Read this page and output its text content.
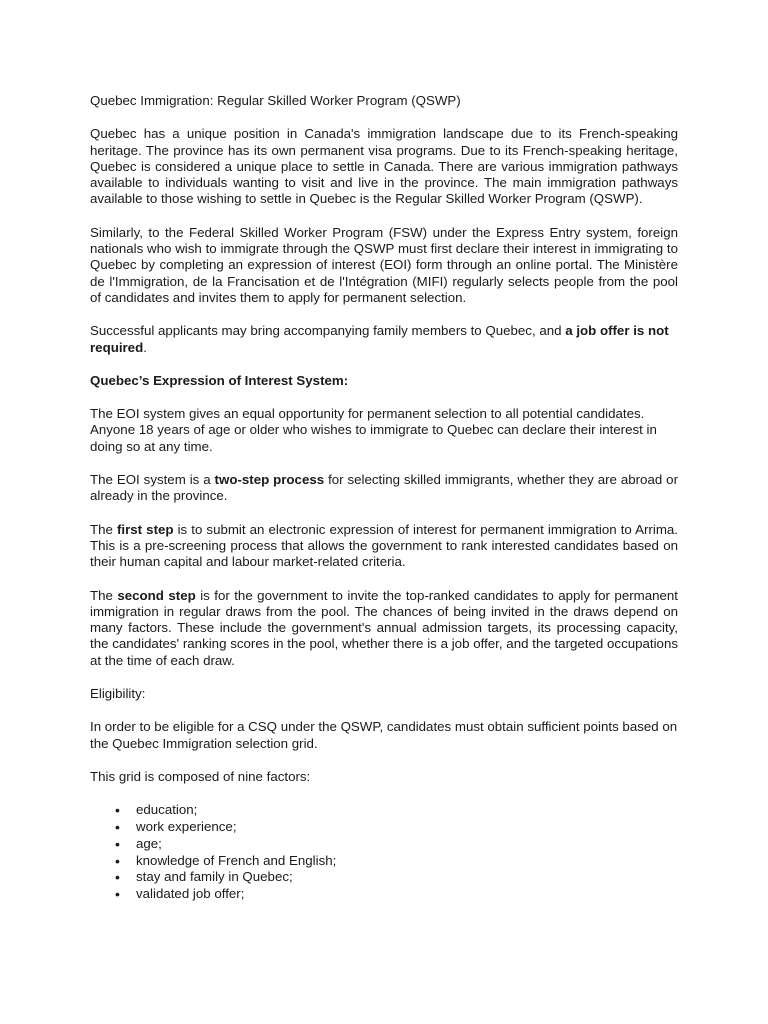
Quebec Immigration: Regular Skilled Worker Program (QSWP)

Quebec has a unique position in Canada's immigration landscape due to its French-speaking heritage. The province has its own permanent visa programs. Due to its French-speaking heritage, Quebec is considered a unique place to settle in Canada. There are various immigration pathways available to individuals wanting to visit and live in the province. The main immigration pathways available to those wishing to settle in Quebec is the Regular Skilled Worker Program (QSWP).

Similarly, to the Federal Skilled Worker Program (FSW) under the Express Entry system, foreign nationals who wish to immigrate through the QSWP must first declare their interest in immigrating to Quebec by completing an expression of interest (EOI) form through an online portal. The Ministère de l'Immigration, de la Francisation et de l'Intégration (MIFI) regularly selects people from the pool of candidates and invites them to apply for permanent selection.

Successful applicants may bring accompanying family members to Quebec, and a job offer is not required.

Quebec’s Expression of Interest System:

The EOI system gives an equal opportunity for permanent selection to all potential candidates. Anyone 18 years of age or older who wishes to immigrate to Quebec can declare their interest in doing so at any time.

The EOI system is a two-step process for selecting skilled immigrants, whether they are abroad or already in the province.

The first step is to submit an electronic expression of interest for permanent immigration to Arrima. This is a pre-screening process that allows the government to rank interested candidates based on their human capital and labour market-related criteria.

The second step is for the government to invite the top-ranked candidates to apply for permanent immigration in regular draws from the pool. The chances of being invited in the draws depend on many factors. These include the government's annual admission targets, its processing capacity, the candidates' ranking scores in the pool, whether there is a job offer, and the targeted occupations at the time of each draw.

Eligibility:

In order to be eligible for a CSQ under the QSWP, candidates must obtain sufficient points based on the Quebec Immigration selection grid.

This grid is composed of nine factors:

• education;
• work experience;
• age;
• knowledge of French and English;
• stay and family in Quebec;
• validated job offer;
